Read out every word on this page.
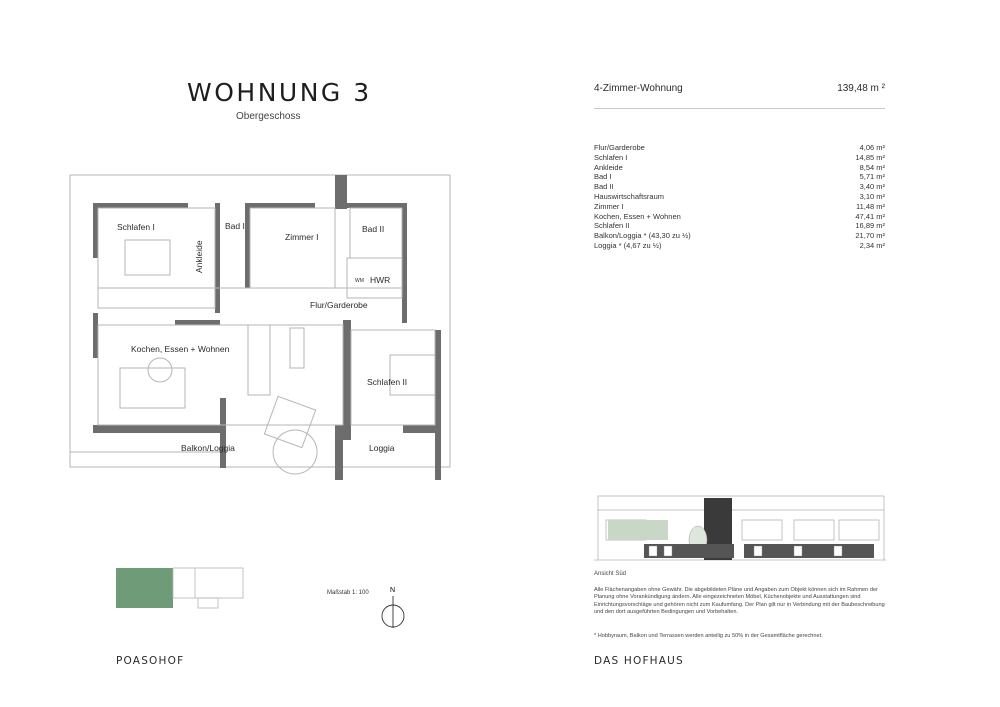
WOHNUNG 3
Obergeschoss
4-Zimmer-Wohnung	139,48 m ²
Flur/Garderobe	4,06 m²
Schlafen I	14,85 m²
Ankleide	8,54 m²
Bad I	5,71 m²
Bad II	3,40 m²
Hauswirtschaftsraum	3,10 m²
Zimmer I	11,48 m²
Kochen, Essen + Wohnen	47,41 m²
Schlafen II	16,89 m²
Balkon/Loggia * (43,30 zu ½)	21,70 m²
Loggia * (4,67 zu ½)	2,34 m²
Schlafen I	Bad I
Zimmer I
Bad II
Ankleide
WM HWR
Flur/Garderobe
Kochen, Essen + Wohnen
Schlafen II
Balkon/Loggia	Loggia
Maßstab 1: 100	N
Ansicht Süd
Alle Flächenangaben ohne Gewähr. Die abgebildeten Pläne und Angaben zum Objekt können sich im Rahmen der Planung ohne Vorankündigung ändern. Alle eingezeichneten Möbel, Küchenobjekte und Ausstattungen sind Einrichtungsvorschläge und gehören nicht zum Kaufumfang. Der Plan gilt nur in Verbindung mit der Baubeschreibung und den dort ausgeführten Bedingungen und Vorbehalten.
* Hobbyraum, Balkon und Terrassen werden anteilig zu 50% in der Gesamtfläche gerechnet.
POASOHOF	DAS HOFHAUS
